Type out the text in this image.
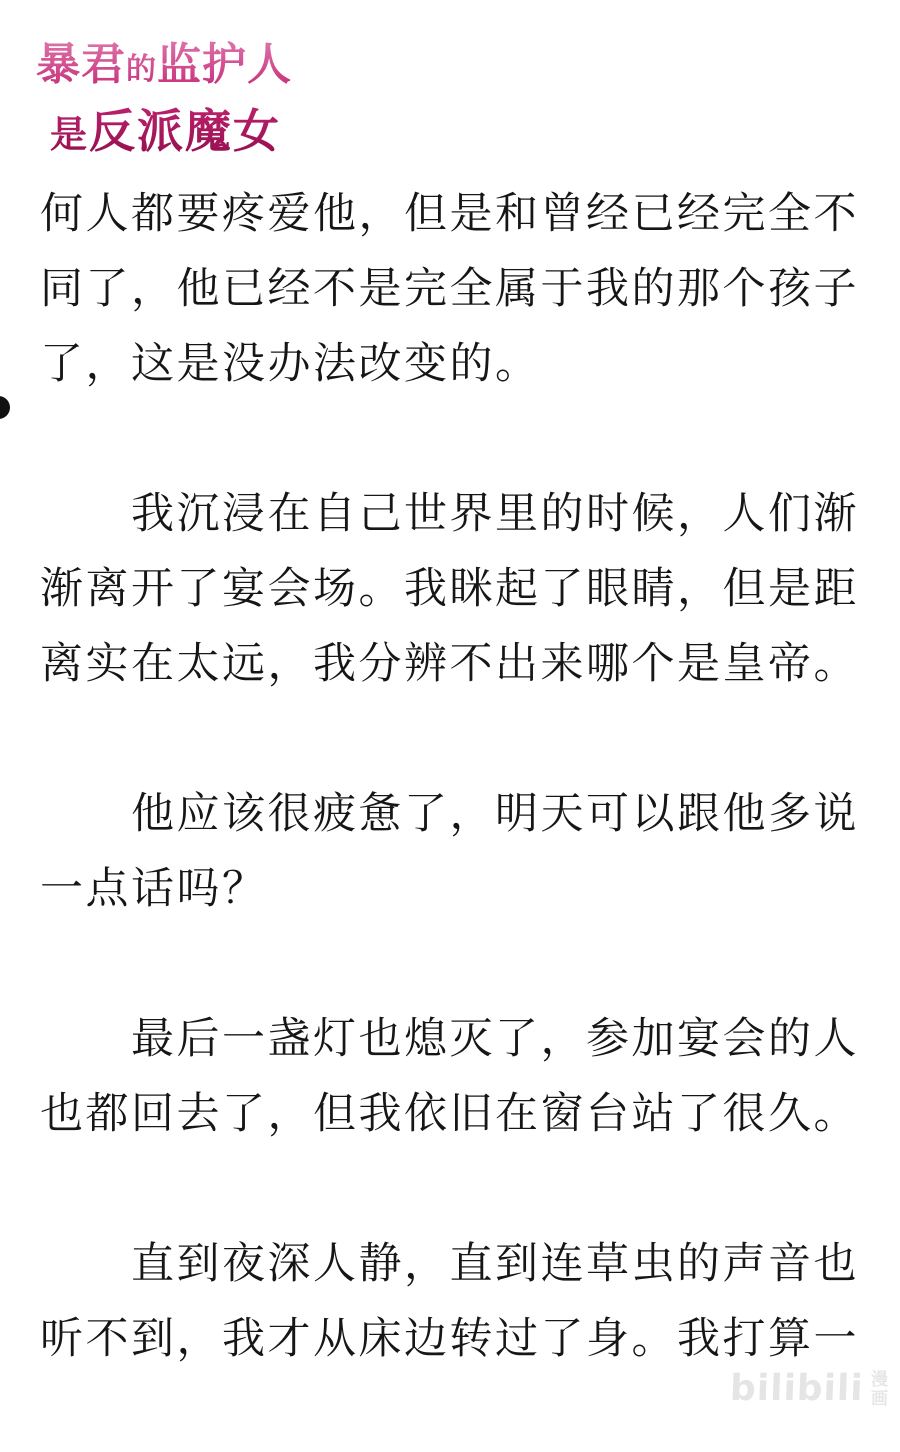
暴君的监护人
是反派魔女

何人都要疼爱他，但是和曾经已经完全不同了，他已经不是完全属于我的那个孩子了，这是没办法改变的。

我沉浸在自己世界里的时候，人们渐渐离开了宴会场。我眯起了眼睛，但是距离实在太远，我分辨不出来哪个是皇帝。

他应该很疲惫了，明天可以跟他多说一点话吗？

最后一盏灯也熄灭了，参加宴会的人也都回去了，但我依旧在窗台站了很久。

直到夜深人静，直到连草虫的声音也听不到，我才从床边转过了身。我打算一

bilibili 漫
画
